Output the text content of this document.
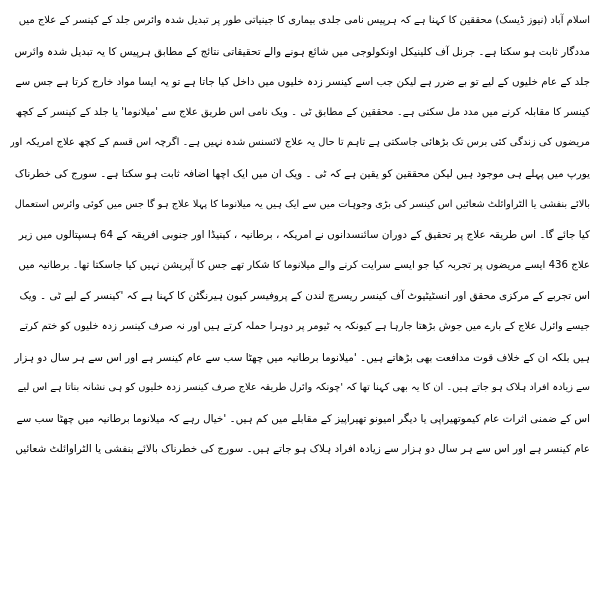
اسلام آباد (نیوز ڈیسک) محققین کا کہنا ہے کہ ہرپیس نامی جلدی بیماری کا جینیاتی طور پر تبدیل شدہ وائرس جلد کے کینسر کے علاج میں
مددگار ثابت ہو سکتا ہے۔ جرنل آف کلینیکل اونکولوجی میں شائع ہونے والے تحقیقاتی نتائج کے مطابق ہرپیس کا یہ تبدیل شدہ وائرس
جلد کے عام خلیوں کے لیے تو بے ضرر ہے لیکن جب اسے کینسر زدہ خلیوں میں داخل کیا جاتا ہے تو یہ ایسا مواد خارج کرتا ہے جس سے
کینسر کا مقابلہ کرنے میں مدد مل سکتی ہے۔ محققین کے مطابق ٹی ۔ ویک نامی اس طریق علاج سے 'میلانوما' یا جلد کے کینسر کے کچھ
مریضوں کی زندگی کئی برس تک بڑھائی جاسکتی ہے تاہم تا حال یہ علاج لائسنس شدہ نہیں ہے۔ اگرچہ اس قسم کے کچھ علاج امریکہ اور
یورپ میں پہلے ہی موجود ہیں لیکن محققین کو یقین ہے کہ ٹی ۔ ویک ان میں ایک اچھا اضافہ ثابت ہو سکتا ہے۔ سورج کی خطرناک
بالائے بنفشی یا الٹراوائلٹ شعائیں اس کینسر کی بڑی وجوہات میں سے ایک ہیں یہ میلانوما کا پہلا علاج ہو گا جس میں کوئی وائرس استعمال
کیا جائے گا۔ اس طریقہ علاج پر تحقیق کے دوران سائنسدانوں نے امریکہ ، برطانیہ ، کینیڈا اور جنوبی افریقہ کے 64 ہسپتالوں میں زیر
علاج 436 ایسے مریضوں پر تجربہ کیا جو ایسے سرایت کرنے والے میلانوما کا شکار تھے جس کا آپریشن نہیں کیا جاسکتا تھا۔ برطانیہ میں
اس تجربے کے مرکزی محقق اور انسٹیٹیوٹ آف کینسر ریسرچ لندن کے پروفیسر کیون ہیرنگٹن کا کہنا ہے کہ 'کینسر کے لیے ٹی ۔ ویک
جیسے وائرل علاج کے بارے میں جوش بڑھتا جارہا ہے کیونکہ یہ ٹیومر پر دوہرا حملہ کرتے ہیں اور نہ صرف کینسر زدہ خلیوں کو ختم کرتے
ہیں بلکہ ان کے خلاف قوت مدافعت بھی بڑھاتے ہیں۔ 'میلانوما برطانیہ میں چھٹا سب سے عام کینسر ہے اور اس سے ہر سال دو ہزار
سے زیادہ افراد ہلاک ہو جاتے ہیں۔ ان کا یہ بھی کہنا تھا کہ 'چونکہ وائرل طریقہ علاج صرف کینسر زدہ خلیوں کو ہی نشانہ بناتا ہے اس لیے
اس کے ضمنی اثرات عام کیموتھیراپی یا دیگر امیونو تھیراپیز کے مقابلے میں کم ہیں۔ 'خیال رہے کہ میلانوما برطانیہ میں چھٹا سب سے
عام کینسر ہے اور اس سے ہر سال دو ہزار سے زیادہ افراد ہلاک ہو جاتے ہیں۔ سورج کی خطرناک بالائے بنفشی یا الٹراوائلٹ شعائیں
